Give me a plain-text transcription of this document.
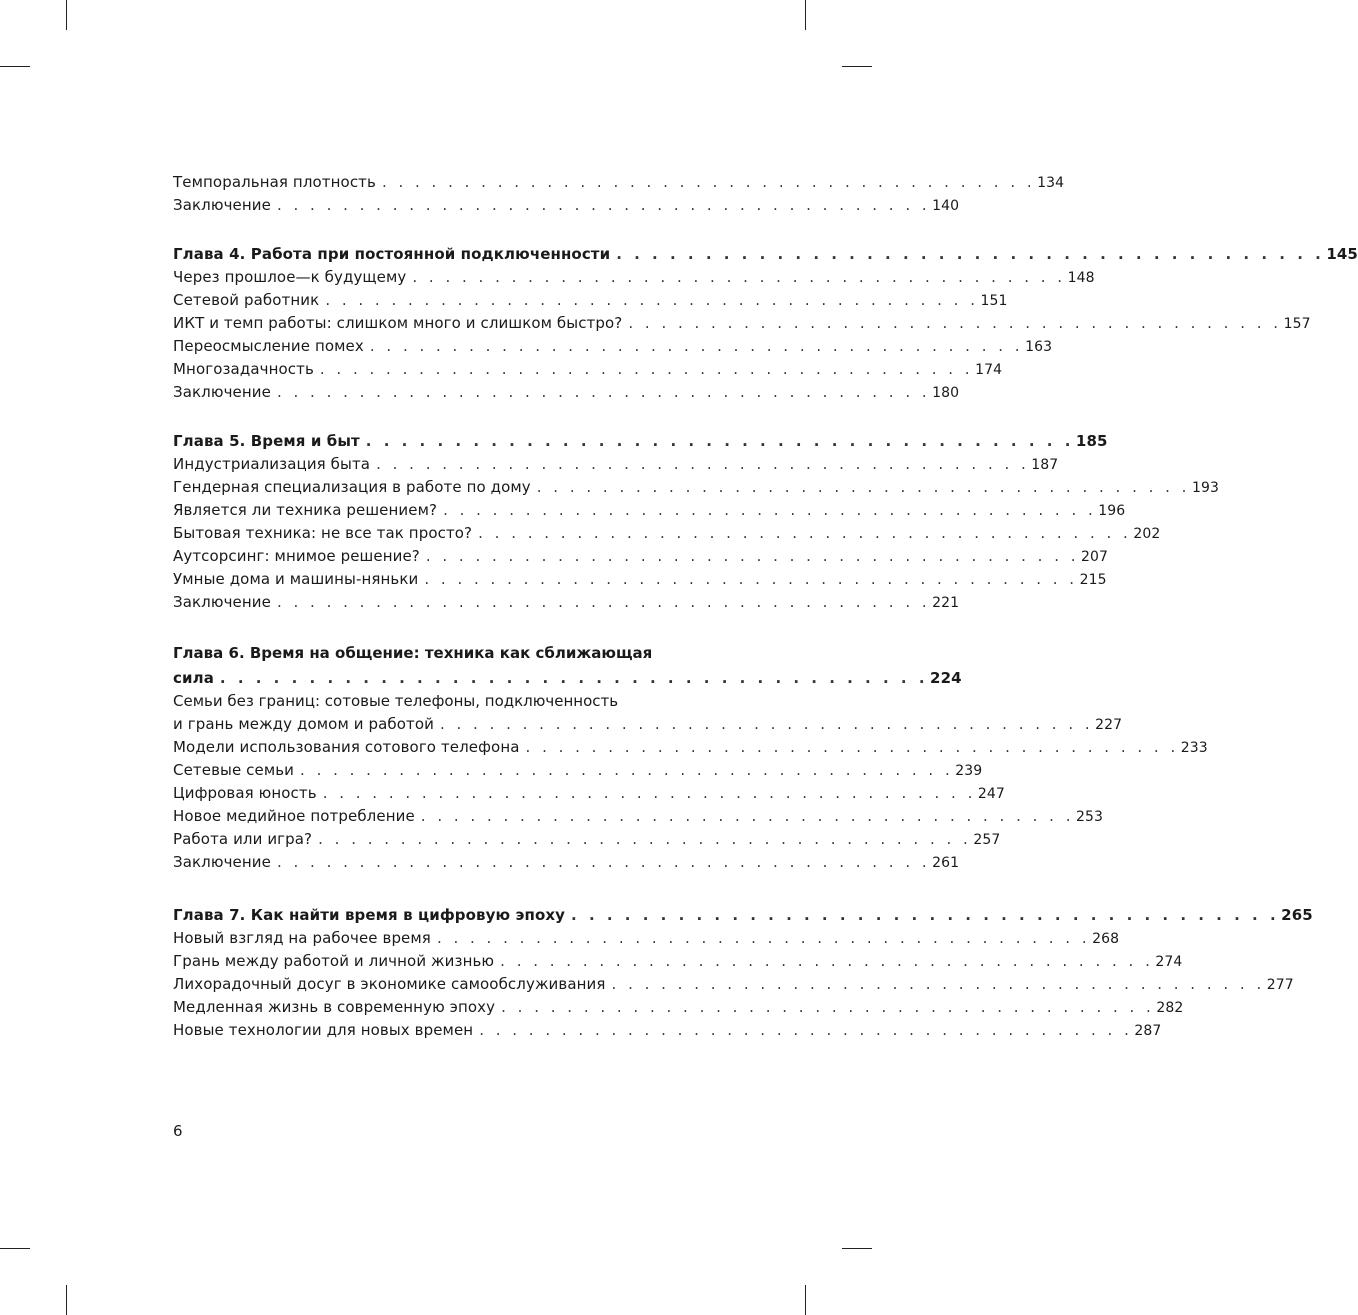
Темпоральная плотность . . . . . . . . . . . . . . . . . . . . . . . . . . . . . . . . . . . . . . . . 134
Заключение . . . . . . . . . . . . . . . . . . . . . . . . . . . . . . . . . . . . . . . . 140
Глава 4. Работа при постоянной подключенности . . . . . . . . . . . . . . . . . . . . . . . . . . . . . . . . . . . . . . . . 145
Через прошлое—к будущему . . . . . . . . . . . . . . . . . . . . . . . . . . . . . . . . . . . . . . . . 148
Сетевой работник . . . . . . . . . . . . . . . . . . . . . . . . . . . . . . . . . . . . . . . . 151
ИКТ и темп работы: слишком много и слишком быстро? . . . . . . . . . . . . . . . . . . . . . . . . . . . . . . . . . . . . . . . . 157
Переосмысление помех . . . . . . . . . . . . . . . . . . . . . . . . . . . . . . . . . . . . . . . . 163
Многозадачность . . . . . . . . . . . . . . . . . . . . . . . . . . . . . . . . . . . . . . . . 174
Заключение . . . . . . . . . . . . . . . . . . . . . . . . . . . . . . . . . . . . . . . . 180
Глава 5. Время и быт . . . . . . . . . . . . . . . . . . . . . . . . . . . . . . . . . . . . . . . . 185
Индустриализация быта . . . . . . . . . . . . . . . . . . . . . . . . . . . . . . . . . . . . . . . . 187
Гендерная специализация в работе по дому . . . . . . . . . . . . . . . . . . . . . . . . . . . . . . . . . . . . . . . . 193
Является ли техника решением? . . . . . . . . . . . . . . . . . . . . . . . . . . . . . . . . . . . . . . . . 196
Бытовая техника: не все так просто? . . . . . . . . . . . . . . . . . . . . . . . . . . . . . . . . . . . . . . . . 202
Аутсорсинг: мнимое решение? . . . . . . . . . . . . . . . . . . . . . . . . . . . . . . . . . . . . . . . . 207
Умные дома и машины-няньки . . . . . . . . . . . . . . . . . . . . . . . . . . . . . . . . . . . . . . . . 215
Заключение . . . . . . . . . . . . . . . . . . . . . . . . . . . . . . . . . . . . . . . . 221
Глава 6. Время на общение: техника как сближающая
сила . . . . . . . . . . . . . . . . . . . . . . . . . . . . . . . . . . . . . . . . 224
Семьи без границ: сотовые телефоны, подключенность
и грань между домом и работой . . . . . . . . . . . . . . . . . . . . . . . . . . . . . . . . . . . . . . . . 227
Модели использования сотового телефона . . . . . . . . . . . . . . . . . . . . . . . . . . . . . . . . . . . . . . . . 233
Сетевые семьи . . . . . . . . . . . . . . . . . . . . . . . . . . . . . . . . . . . . . . . . 239
Цифровая юность . . . . . . . . . . . . . . . . . . . . . . . . . . . . . . . . . . . . . . . . 247
Новое медийное потребление . . . . . . . . . . . . . . . . . . . . . . . . . . . . . . . . . . . . . . . . 253
Работа или игра? . . . . . . . . . . . . . . . . . . . . . . . . . . . . . . . . . . . . . . . . 257
Заключение . . . . . . . . . . . . . . . . . . . . . . . . . . . . . . . . . . . . . . . . 261
Глава 7. Как найти время в цифровую эпоху . . . . . . . . . . . . . . . . . . . . . . . . . . . . . . . . . . . . . . . . 265
Новый взгляд на рабочее время . . . . . . . . . . . . . . . . . . . . . . . . . . . . . . . . . . . . . . . . 268
Грань между работой и личной жизнью . . . . . . . . . . . . . . . . . . . . . . . . . . . . . . . . . . . . . . . . 274
Лихорадочный досуг в экономике самообслуживания . . . . . . . . . . . . . . . . . . . . . . . . . . . . . . . . . . . . . . . . 277
Медленная жизнь в современную эпоху . . . . . . . . . . . . . . . . . . . . . . . . . . . . . . . . . . . . . . . . 282
Новые технологии для новых времен . . . . . . . . . . . . . . . . . . . . . . . . . . . . . . . . . . . . . . . . 287
6
